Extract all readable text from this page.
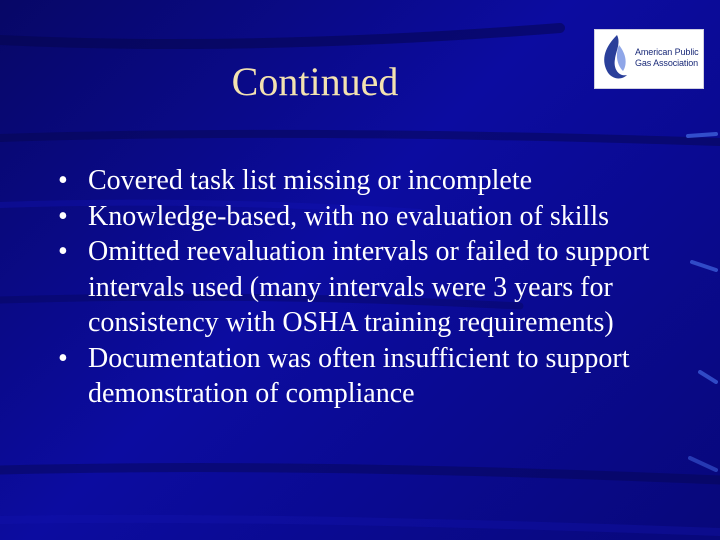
Continued
American Public
Gas Association
• Covered task list missing or incomplete
• Knowledge-based, with no evaluation of skills
• Omitted reevaluation intervals or failed to support intervals used (many intervals were 3 years for consistency with OSHA training requirements)
• Documentation was often insufficient to support demonstration of compliance
